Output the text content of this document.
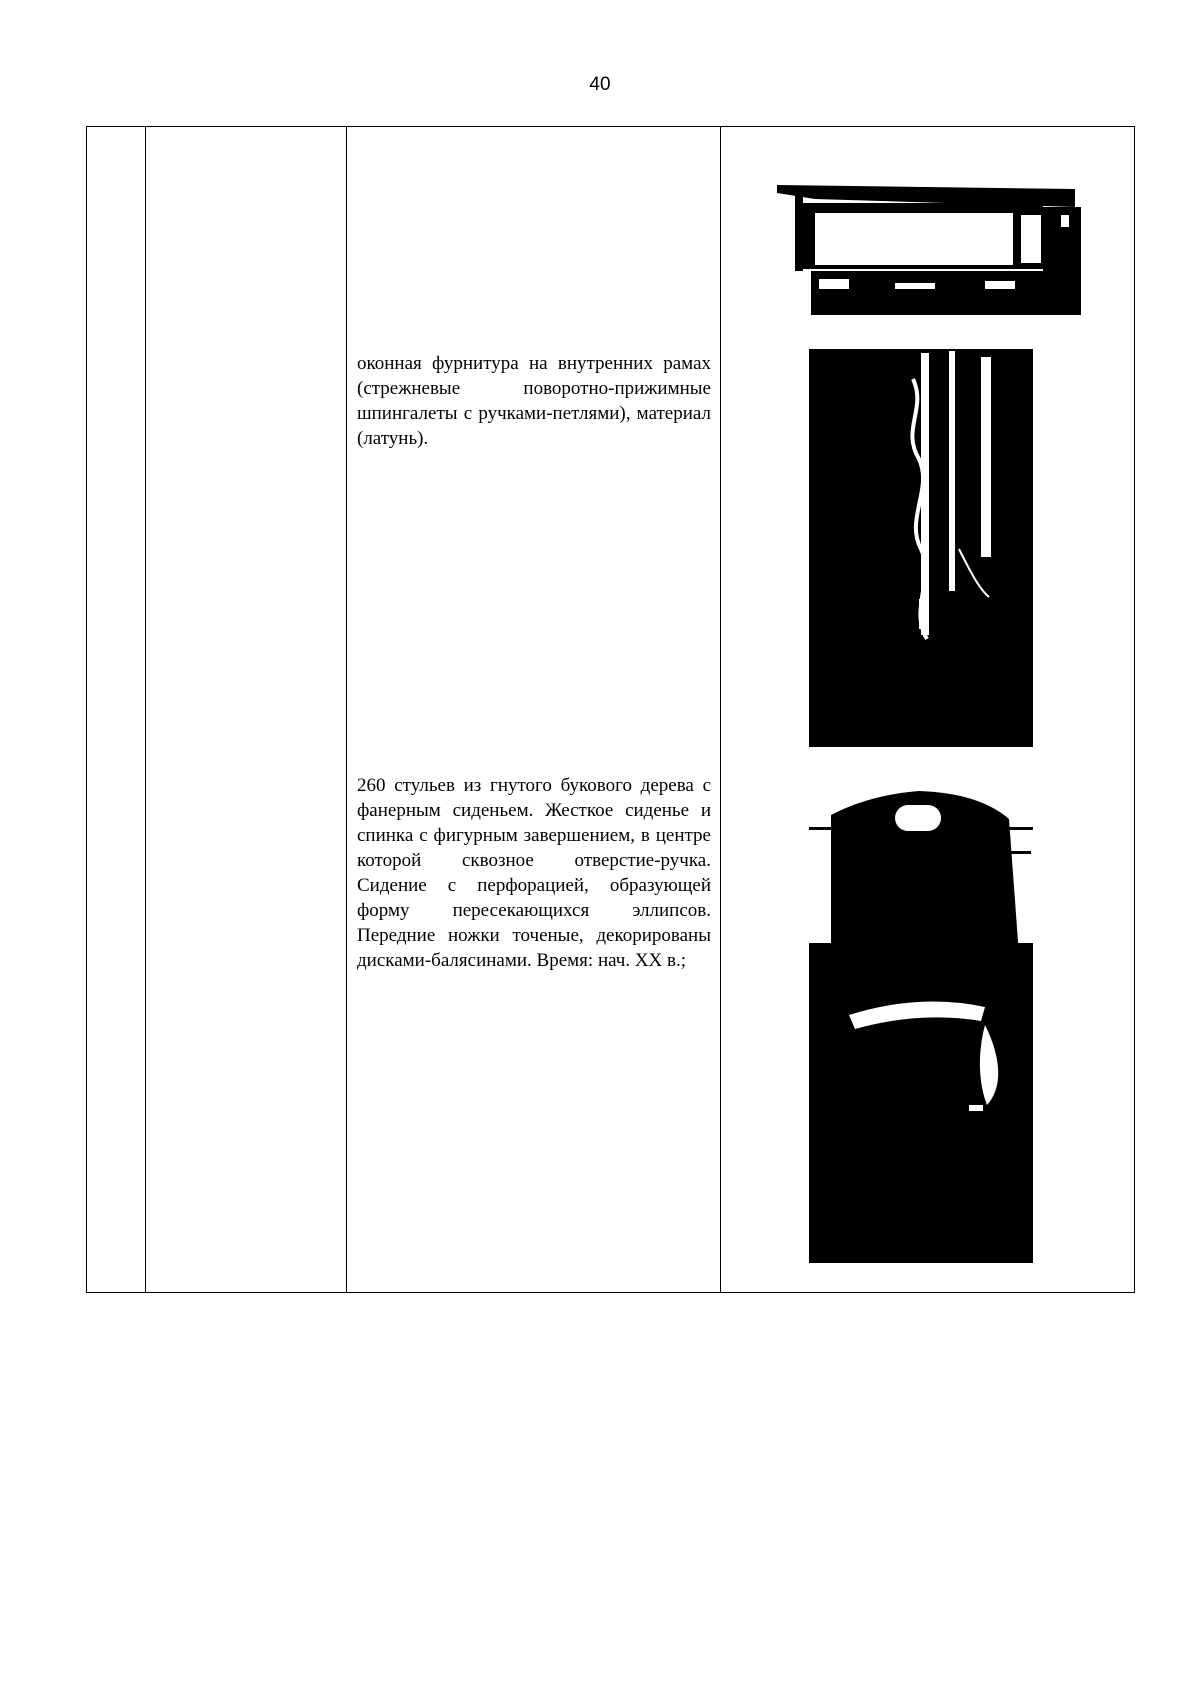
40

оконная фурнитура на внутренних рамах (стрежневые поворотно-прижимные шпингалеты с ручками-петлями), материал (латунь).
260 стульев из гнутого букового дерева с фанерным сиденьем. Жесткое сиденье и спинка с фигурным завершением, в центре которой сквозное отверстие-ручка. Сидение с перфорацией, образующей форму пересекающихся эллипсов. Передние ножки точеные, декорированы дисками-балясинами. Время: нач. XX в.;
